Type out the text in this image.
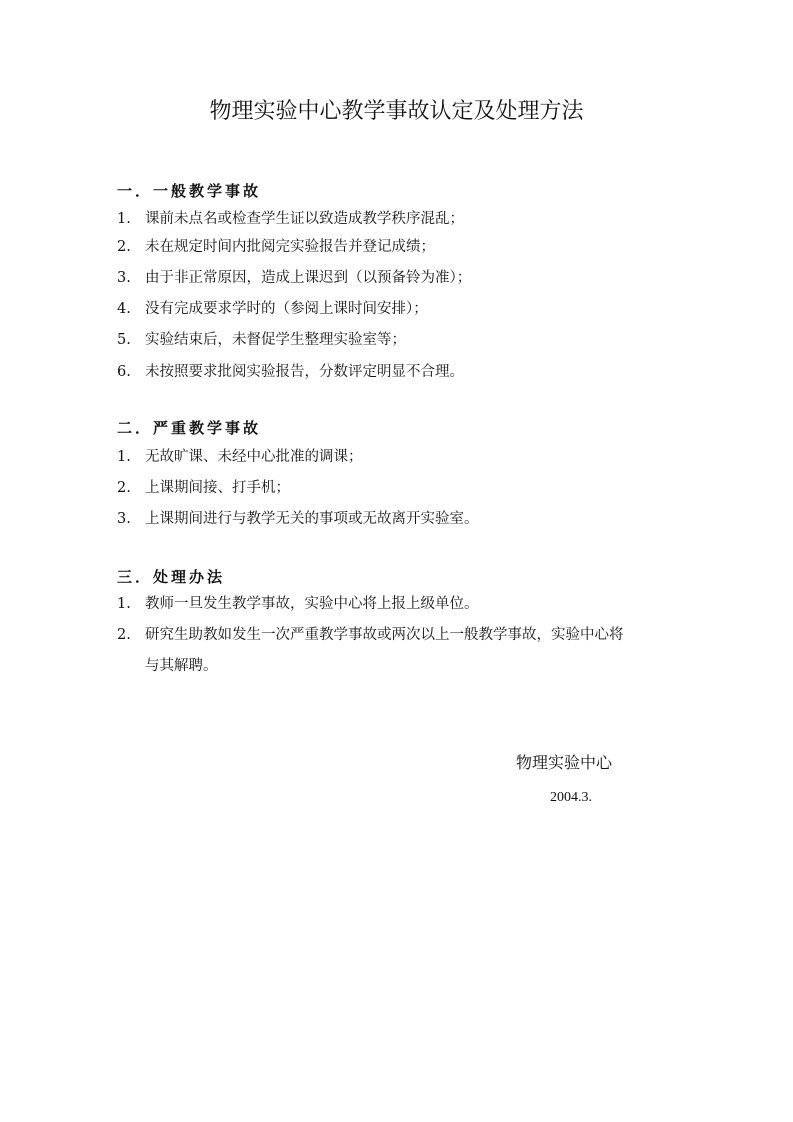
物理实验中心教学事故认定及处理方法
一．一般教学事故
1. 课前未点名或检查学生证以致造成教学秩序混乱；
2. 未在规定时间内批阅完实验报告并登记成绩；
3. 由于非正常原因，造成上课迟到（以预备铃为准）；
4. 没有完成要求学时的（参阅上课时间安排）；
5. 实验结束后，未督促学生整理实验室等；
6. 未按照要求批阅实验报告，分数评定明显不合理。
二．严重教学事故
1. 无故旷课、未经中心批准的调课；
2. 上课期间接、打手机；
3. 上课期间进行与教学无关的事项或无故离开实验室。
三．处理办法
1. 教师一旦发生教学事故，实验中心将上报上级单位。
2. 研究生助教如发生一次严重教学事故或两次以上一般教学事故，实验中心将
与其解聘。
物理实验中心
2004.3.
